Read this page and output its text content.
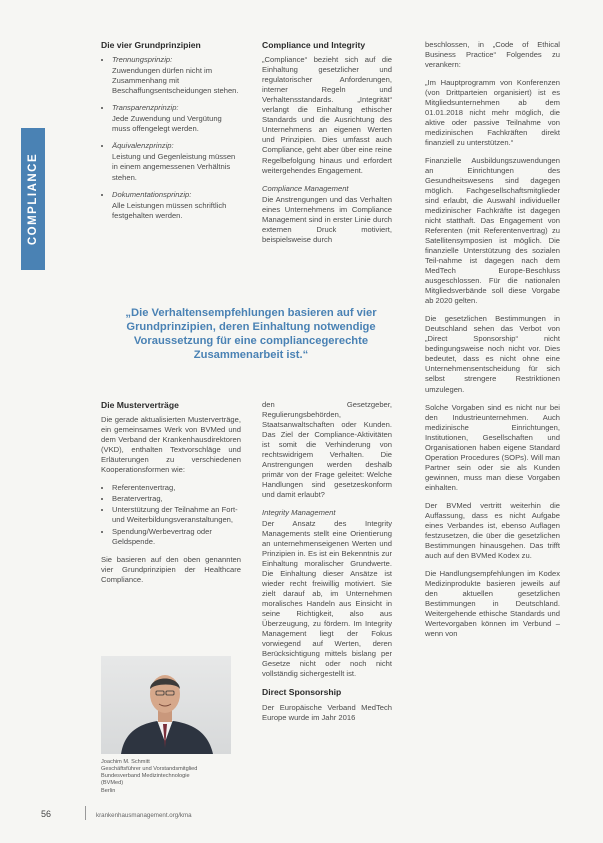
COMPLIANCE
Die vier Grundprinzipien
• Trennungsprinzip:
Zuwendungen dürfen nicht im Zusammenhang mit Beschaffungsentscheidungen stehen.
• Transparenzprinzip:
Jede Zuwendung und Vergütung muss offengelegt werden.
• Äquivalenzprinzip:
Leistung und Gegenleistung müssen in einem angemessenen Verhältnis stehen.
• Dokumentationsprinzip:
Alle Leistungen müssen schriftlich festgehalten werden.
Compliance und Integrity

„Compliance“ bezieht sich auf die Einhaltung gesetzlicher und regulatorischer Anforderungen, interner Regeln und Verhaltensstandards. „Integrität“ verlangt die Einhaltung ethischer Standards und die Ausrichtung des Unternehmens an eigenen Werten und Prinzipien. Dies umfasst auch Compliance, geht aber über eine reine Regelbefolgung hinaus und erfordert weitergehendes Engagement.

Compliance Management

Die Anstrengungen und das Verhalten eines Unternehmens im Compliance Management sind in erster Linie durch externen Druck motiviert, beispielsweise durch

beschlossen, in „Code of Ethical Business Practice“ Folgendes zu verankern:

„Im Hauptprogramm von Konferenzen (von Drittparteien organisiert) ist es Mitgliedsunternehmen ab dem 01.01.2018 nicht mehr möglich, die aktive oder passive Teilnahme von medizinischen Fachkräften direkt finanziell zu unterstützen.“

Finanzielle Ausbildungszuwendungen an Einrichtungen des Gesundheitswesens sind dagegen möglich. Fachgesellschaftsmitglieder sind erlaubt, die Auswahl individueller medizinischer Fachkräfte ist dagegen nicht statthaft. Das Engagement von Referenten (mit Referentenvertrag) zu Satellitensymposien ist möglich. Die finanzielle Unterstützung des sozialen Teil-nahme ist dagegen nach dem MedTech Europe-Beschluss ausgeschlossen. Für die nationalen Mitgliedsverbände soll diese Vorgabe ab 2020 gelten.

Die gesetzlichen Bestimmungen in Deutschland sehen das Verbot von „Direct Sponsorship“ nicht bedingungsweise noch nicht vor. Dies bedeutet, dass es nicht ohne eine Unternehmensentscheidung für sich selbst strengere Restriktionen umzulegen.

Solche Vorgaben sind es nicht nur bei den Industrieunternehmen. Auch medizinische Einrichtungen, Institutionen, Gesellschaften und Organisationen haben eigene Standard Operation Procedures (SOPs). Will man Partner sein oder sie als Kunden gewinnen, muss man diese Vorgaben einhalten.

Der BVMed vertritt weiterhin die Auffassung, dass es nicht Aufgabe eines Verbandes ist, ebenso Auflagen festzusetzen, die über die gesetzlichen Bestimmungen hinausgehen. Das trifft auch auf den BVMed Kodex zu.

Die Handlungsempfehlungen im Kodex Medizinprodukte basieren jeweils auf den aktuellen gesetzlichen Bestimmungen in Deutschland. Weitergehende ethische Standards und Wertevorgaben können im Verbund – wenn von

„Die Verhaltensempfehlungen basieren auf vier Grundprinzipien, deren Einhaltung notwendige Voraussetzung für eine compliancegerechte Zusammenarbeit ist.“
Die Musterverträge

Die gerade aktualisierten Musterverträge, ein gemeinsames Werk von BVMed und dem Verband der Krankenhausdirektoren (VKD), enthalten Textvorschläge und Erläuterungen zu verschiedenen Kooperationsformen wie:

• Referentenvertrag,
• Beratervertrag,
• Unterstützung der Teilnahme an Fort- und Weiterbildungsveranstaltungen,
• Spendung/Werbevertrag oder Geldspende.

Sie basieren auf den oben genannten vier Grundprinzipien der Healthcare Compliance.

den Gesetzgeber, Regulierungsbehörden, Staatsanwaltschaften oder Kunden. Das Ziel der Compliance-Aktivitäten ist somit die Verhinderung von rechtswidrigem Verhalten. Die Anstrengungen werden deshalb primär von der Frage geleitet: Welche Handlungen sind gesetzeskonform und damit erlaubt?

Integrity Management

Der Ansatz des Integrity Managements stellt eine Orientierung an unternehmenseigenen Werten und Prinzipien in. Es ist ein Bekenntnis zur Einhaltung moralischer Grundwerte. Die Einhaltung dieser Ansätze ist wieder recht freiwillig motiviert. Sie zielt darauf ab, im Unternehmen moralisches Handeln aus Einsicht in seine Richtigkeit, also aus Überzeugung, zu fördern. Im Integrity Management liegt der Fokus vorwiegend auf Werten, deren Berücksichtigung mittels bislang per Gesetze nicht oder noch nicht vollständig sichergestellt ist.

Direct Sponsorship

Der Europäische Verband MedTech Europe wurde im Jahr 2016

Joachim M. Schmitt
Geschäftsführer und Vorstandsmitglied
Bundesverband Medizintechnologie
(BVMed)
Berlin
56	krankenhausmanagement.org/kma
